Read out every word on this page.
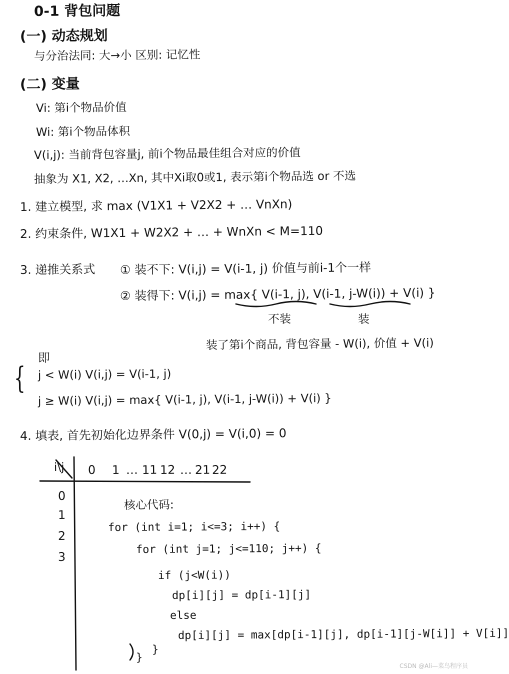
0-1 背包问题
(一) 动态规划
与分治法同: 大→小 区别: 记忆性
(二) 变量
Vi: 第i个物品价值
Wi: 第i个物品体积
V(i,j): 当前背包容量j, 前i个物品最佳组合对应的价值
抽象为 X1, X2, …Xn, 其中Xi取0或1, 表示第i个物品选 or 不选
1. 建立模型, 求 max (V1X1 + V2X2 + … VnXn)
2. 约束条件, W1X1 + W2X2 + … + WnXn < M=110
3. 递推关系式 ① 装不下: V(i,j) = V(i-1, j) 价值与前i-1个一样
② 装得下: V(i,j) = max{ V(i-1, j), V(i-1, j-W(i)) + V(i) }
不装	装
装了第i个商品, 背包容量 - W(i), 价值 + V(i)
即
{ j < W(i) V(i,j) = V(i-1, j)
j ≥ W(i) V(i,j) = max{ V(i-1, j), V(i-1, j-W(i)) + V(i) }
4. 填表, 首先初始化边界条件 V(0,j) = V(i,0) = 0
i\j 0 1 … 11 12 … 21 22
0
1
2
3
核心代码:
for (int i=1; i<=3; i++) {
for (int j=1; j<=110; j++) {
if (j<W(i))
dp[i][j] = dp[i-1][j]
else
dp[i][j] = max[dp[i-1][j], dp[i-1][j-W[i]] + V[i]]
}
}
CSDN @Ali—菜鸟程序员
